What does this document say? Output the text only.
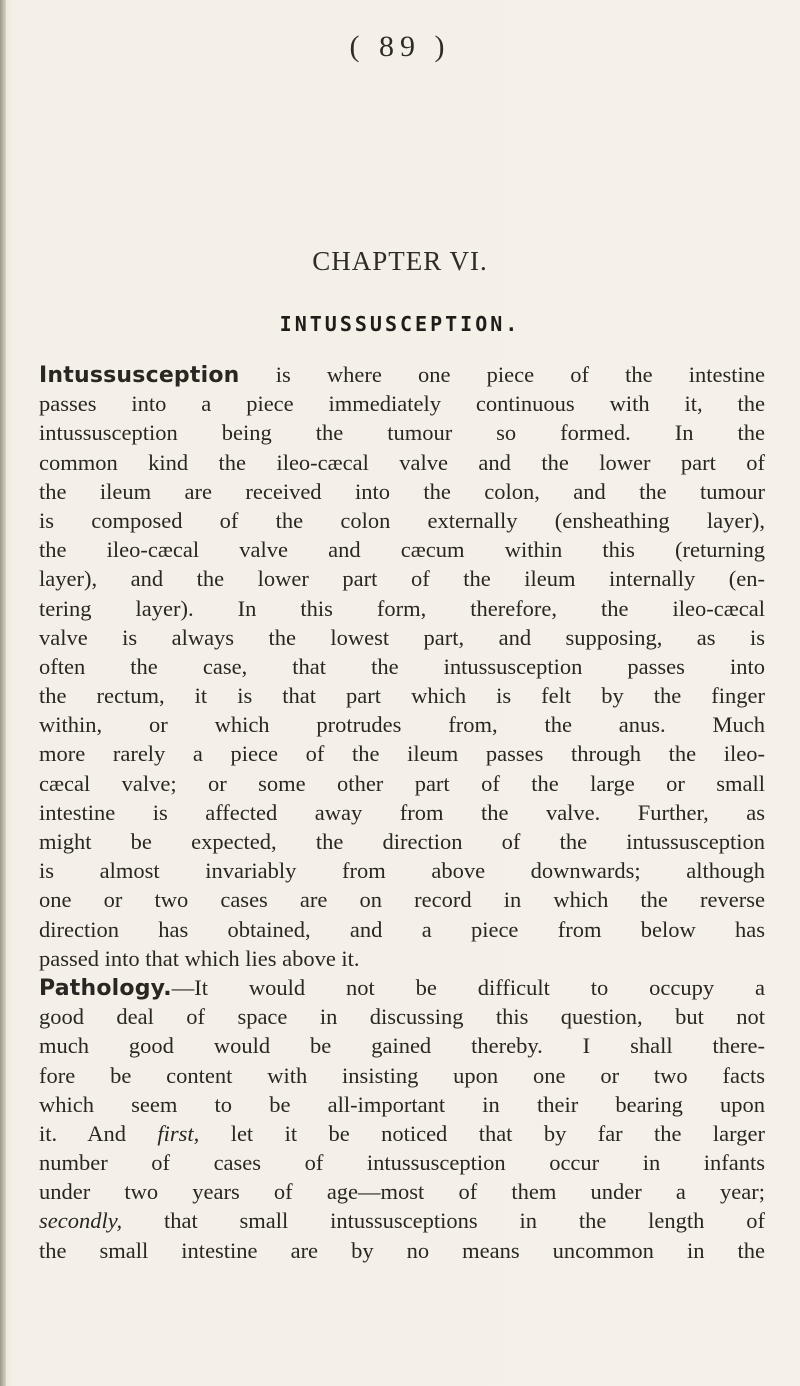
( 89 )
CHAPTER VI.
INTUSSUSCEPTION.
Intussusception is where one piece of the intestine
passes into a piece immediately continuous with it, the
intussusception being the tumour so formed. In the
common kind the ileo-cæcal valve and the lower part of
the ileum are received into the colon, and the tumour
is composed of the colon externally (ensheathing layer),
the ileo-cæcal valve and cæcum within this (returning
layer), and the lower part of the ileum internally (en-
tering layer). In this form, therefore, the ileo-cæcal
valve is always the lowest part, and supposing, as is
often the case, that the intussusception passes into
the rectum, it is that part which is felt by the finger
within, or which protrudes from, the anus. Much
more rarely a piece of the ileum passes through the ileo-
cæcal valve; or some other part of the large or small
intestine is affected away from the valve. Further, as
might be expected, the direction of the intussusception
is almost invariably from above downwards; although
one or two cases are on record in which the reverse
direction has obtained, and a piece from below has
passed into that which lies above it.
Pathology.—It would not be difficult to occupy a
good deal of space in discussing this question, but not
much good would be gained thereby. I shall there-
fore be content with insisting upon one or two facts
which seem to be all-important in their bearing upon
it. And first, let it be noticed that by far the larger
number of cases of intussusception occur in infants
under two years of age—most of them under a year;
secondly, that small intussusceptions in the length of
the small intestine are by no means uncommon in the
